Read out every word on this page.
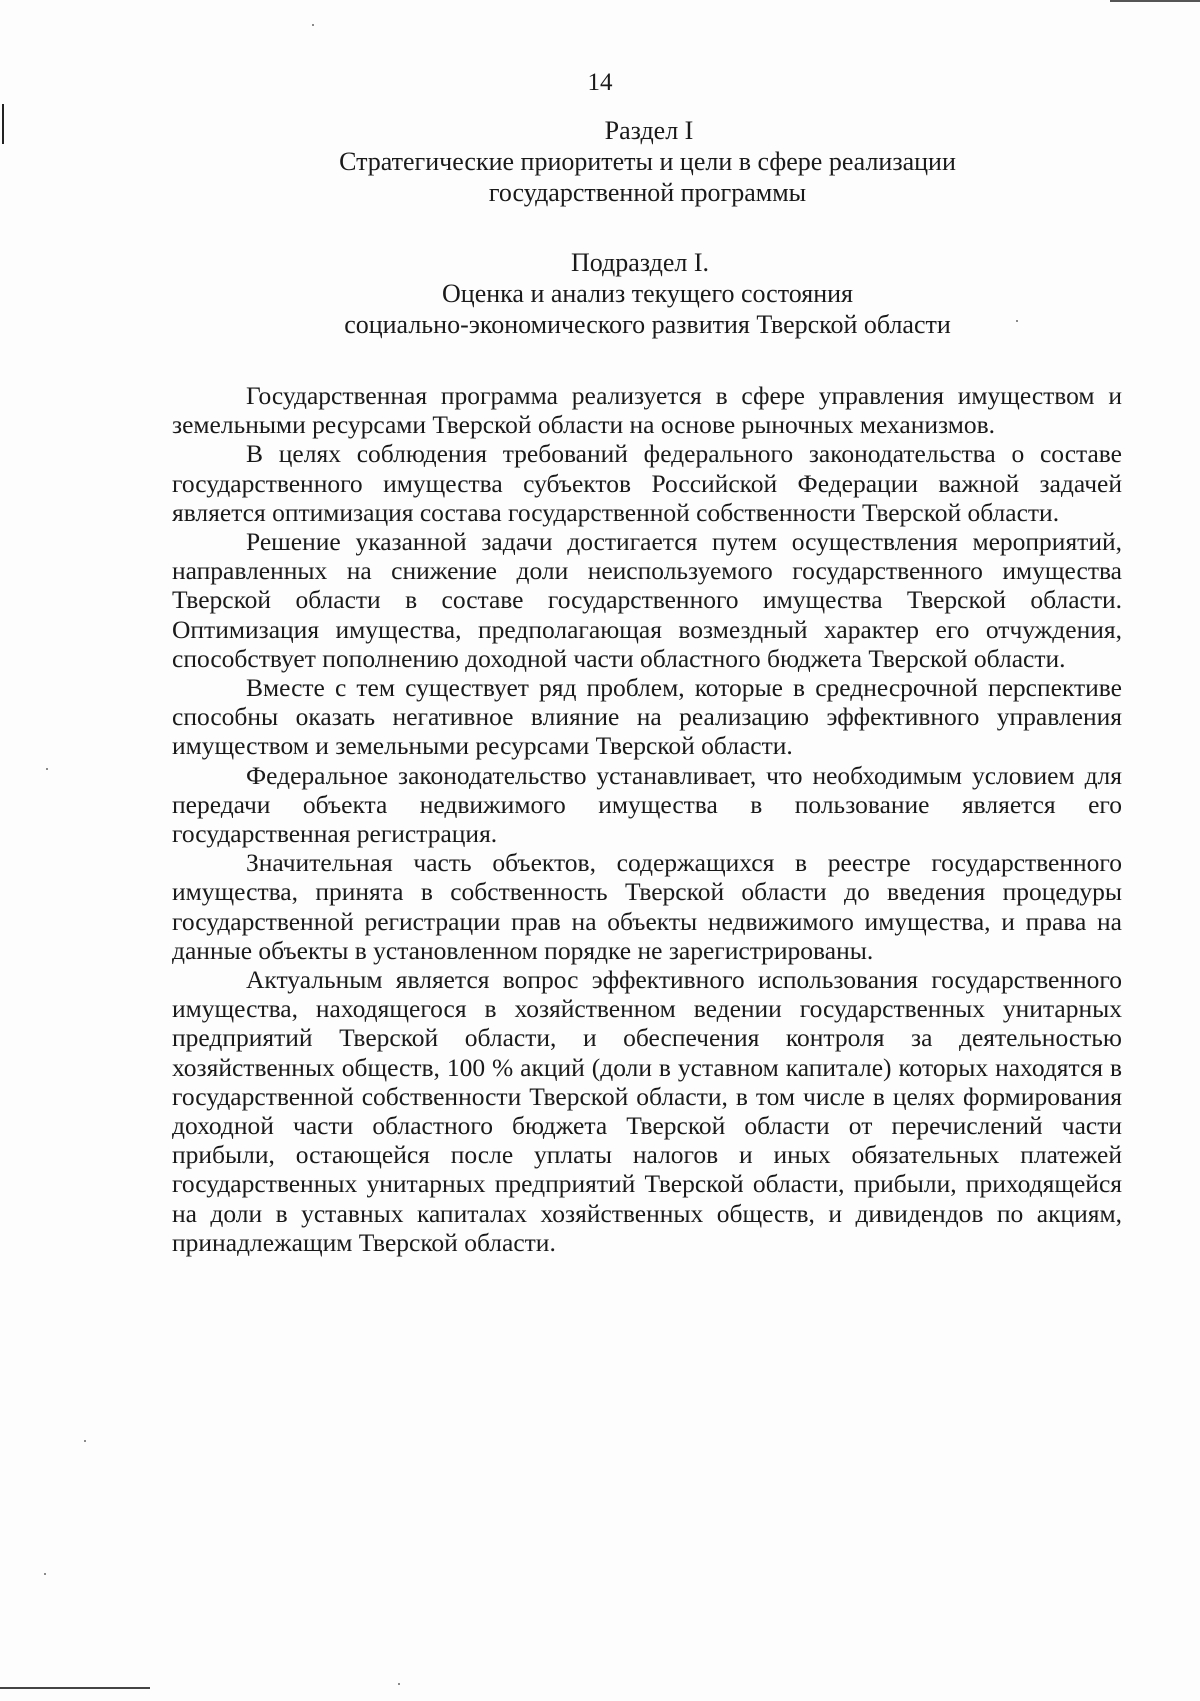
14
Раздел I
Стратегические приоритеты и цели в сфере реализации
государственной программы
Подраздел I.
Оценка и анализ текущего состояния
социально-экономического развития Тверской области

Государственная программа реализуется в сфере управления имуществом и земельными ресурсами Тверской области на основе рыночных механизмов.

В целях соблюдения требований федерального законодательства о составе государственного имущества субъектов Российской Федерации важной задачей является оптимизация состава государственной собственности Тверской области.

Решение указанной задачи достигается путем осуществления мероприятий, направленных на снижение доли неиспользуемого государственного имущества Тверской области в составе государственного имущества Тверской области. Оптимизация имущества, предполагающая возмездный характер его отчуждения, способствует пополнению доходной части областного бюджета Тверской области.

Вместе с тем существует ряд проблем, которые в среднесрочной перспективе способны оказать негативное влияние на реализацию эффективного управления имуществом и земельными ресурсами Тверской области.

Федеральное законодательство устанавливает, что необходимым условием для передачи объекта недвижимого имущества в пользование является его государственная регистрация.

Значительная часть объектов, содержащихся в реестре государственного имущества, принята в собственность Тверской области до введения процедуры государственной регистрации прав на объекты недвижимого имущества, и права на данные объекты в установленном порядке не зарегистрированы.

Актуальным является вопрос эффективного использования государственного имущества, находящегося в хозяйственном ведении государственных унитарных предприятий Тверской области, и обеспечения контроля за деятельностью хозяйственных обществ, 100 % акций (доли в уставном капитале) которых находятся в государственной собственности Тверской области, в том числе в целях формирования доходной части областного бюджета Тверской области от перечислений части прибыли, остающейся после уплаты налогов и иных обязательных платежей государственных унитарных предприятий Тверской области, прибыли, приходящейся на доли в уставных капиталах хозяйственных обществ, и дивидендов по акциям, принадлежащим Тверской области.
